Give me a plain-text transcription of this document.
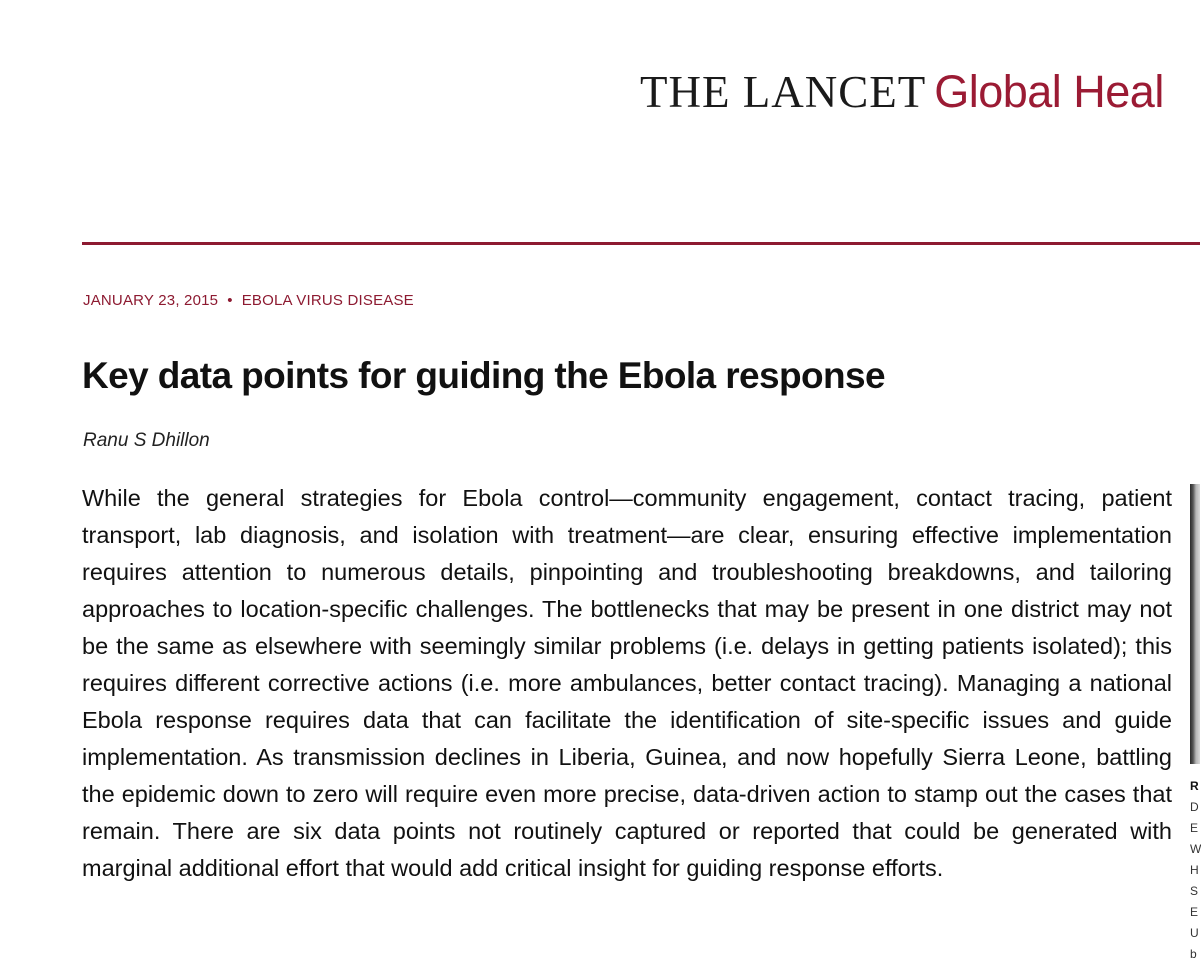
THE LANCET Global Heal
JANUARY 23, 2015 • EBOLA VIRUS DISEASE
Key data points for guiding the Ebola response
Ranu S Dhillon

While the general strategies for Ebola control—community engagement, contact tracing, patient transport, lab diagnosis, and isolation with treatment—are clear, ensuring effective implementation requires attention to numerous details, pinpointing and troubleshooting breakdowns, and tailoring approaches to location-specific challenges. The bottlenecks that may be present in one district may not be the same as elsewhere with seemingly similar problems (i.e. delays in getting patients isolated); this requires different corrective actions (i.e. more ambulances, better contact tracing). Managing a national Ebola response requires data that can facilitate the identification of site-specific issues and guide implementation. As transmission declines in Liberia, Guinea, and now hopefully Sierra Leone, battling the epidemic down to zero will require even more precise, data-driven action to stamp out the cases that remain. There are six data points not routinely captured or reported that could be generated with marginal additional effort that would add critical insight for guiding response efforts.

R
D
E
W
H
S
E
U
b
